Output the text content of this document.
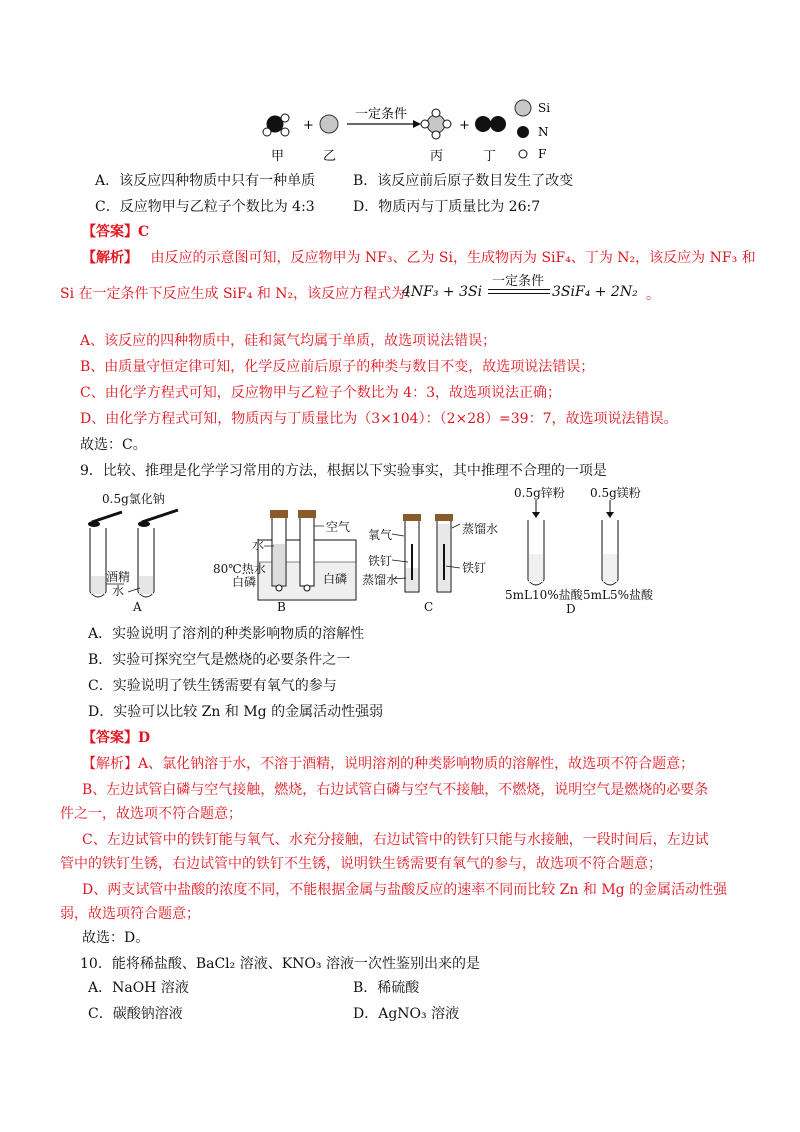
+
一定条件
+
Si
N
F
甲	乙	丙	丁
A．该反应四种物质中只有一种单质	B．该反应前后原子数目发生了改变
C．反应物甲与乙粒子个数比为 4:3	D．物质丙与丁质量比为 26:7
【答案】C
【解析】 由反应的示意图可知，反应物甲为 NF₃、乙为 Si，生成物丙为 SiF₄、丁为 N₂，该反应为 NF₃ 和
Si 在一定条件下反应生成 SiF₄ 和 N₂，该反应方程式为：
4NF₃ + 3Si
一定条件
3SiF₄ + 2N₂ 。
A、该反应的四种物质中，硅和氮气均属于单质，故选项说法错误；
B、由质量守恒定律可知，化学反应前后原子的种类与数目不变，故选项说法错误；
C、由化学方程式可知，反应物甲与乙粒子个数比为 4：3，故选项说法正确；
D、由化学方程式可知，物质丙与丁质量比为（3×104）：（2×28）=39：7，故选项说法错误。
故选：C。
9．比较、推理是化学学习常用的方法，根据以下实验事实，其中推理不合理的一项是
0.5g氯化钠
酒精
水
A
空气
水
80℃热水
白磷	白磷
B
氧气	蒸馏水
铁钉	铁钉
蒸馏水
C
0.5g锌粉 0.5g镁粉
5mL10%盐酸 5mL5%盐酸
D
A．实验说明了溶剂的种类影响物质的溶解性
B．实验可探究空气是燃烧的必要条件之一
C．实验说明了铁生锈需要有氧气的参与
D．实验可以比较 Zn 和 Mg 的金属活动性强弱
【答案】D
【解析】A、氯化钠溶于水，不溶于酒精，说明溶剂的种类影响物质的溶解性，故选项不符合题意；
B、左边试管白磷与空气接触，燃烧，右边试管白磷与空气不接触，不燃烧，说明空气是燃烧的必要条
件之一，故选项不符合题意；
C、左边试管中的铁钉能与氧气、水充分接触，右边试管中的铁钉只能与水接触，一段时间后，左边试
管中的铁钉生锈，右边试管中的铁钉不生锈，说明铁生锈需要有氧气的参与，故选项不符合题意；
D、两支试管中盐酸的浓度不同，不能根据金属与盐酸反应的速率不同而比较 Zn 和 Mg 的金属活动性强
弱，故选项符合题意；
故选：D。
10．能将稀盐酸、BaCl₂ 溶液、KNO₃ 溶液一次性鉴别出来的是
A．NaOH 溶液	B．稀硫酸
C．碳酸钠溶液	D．AgNO₃ 溶液
